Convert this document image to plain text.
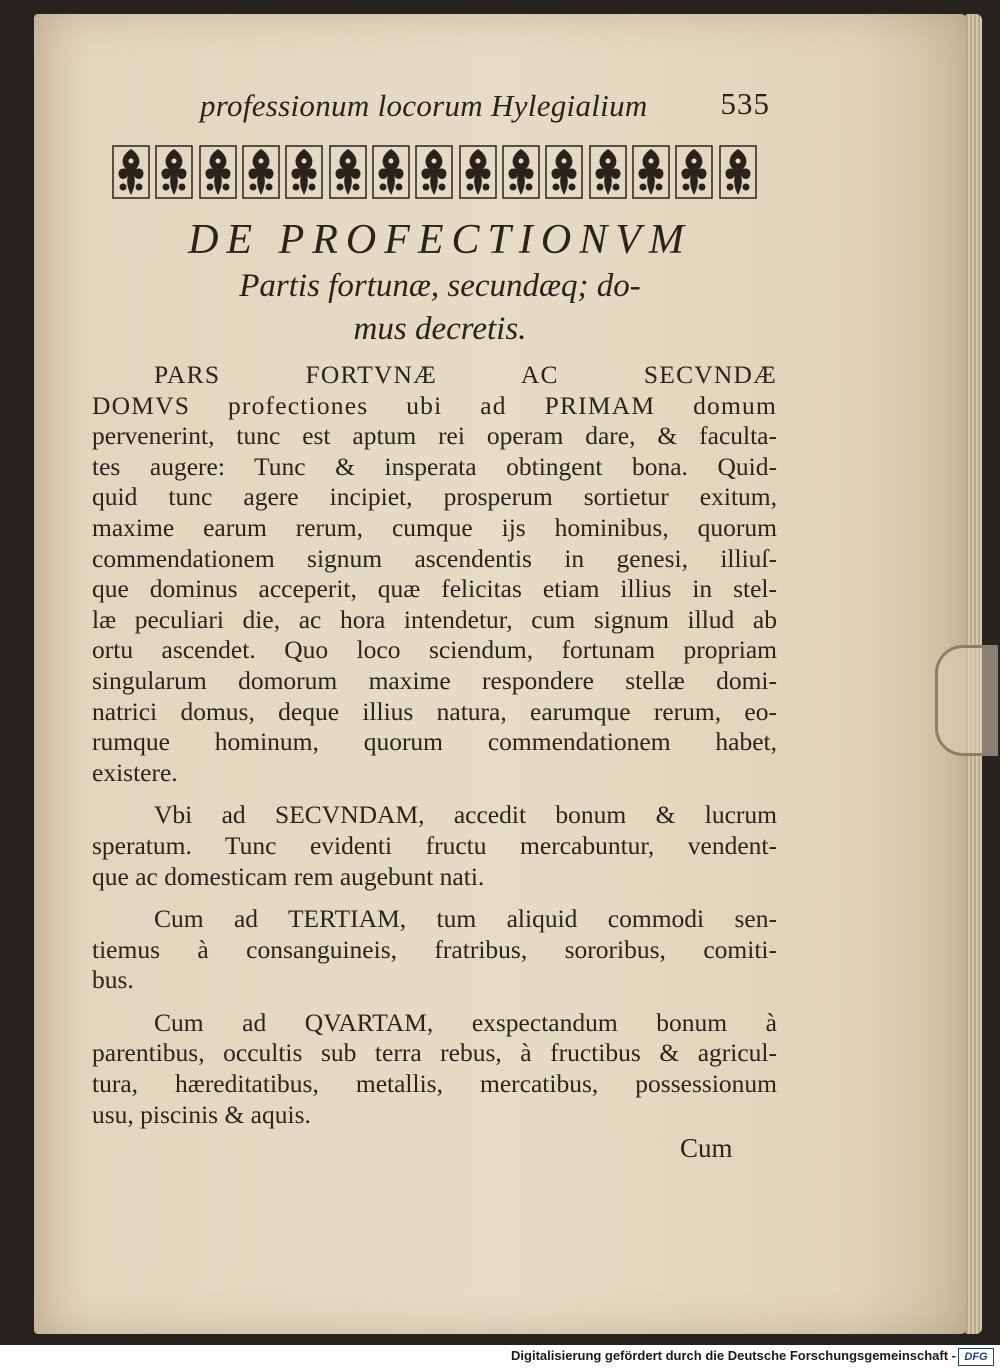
professionum locorum Hylegialium 535
DE PROFECTIONVM
Partis fortunæ, secundæq; do-
mus decretis.
PARS FORTVNÆ AC SECVNDÆ
DOMVS profectiones ubi ad PRIMAM domum
pervenerint, tunc est aptum rei operam dare, & faculta-
tes augere: Tunc & insperata obtingent bona. Quid-
quid tunc agere incipiet, prosperum sortietur exitum,
maxime earum rerum, cumque ijs hominibus, quorum
commendationem signum ascendentis in genesi, illiuſ-
que dominus acceperit, quæ felicitas etiam illius in stel-
læ peculiari die, ac hora intendetur, cum signum illud ab
ortu ascendet. Quo loco sciendum, fortunam propriam
singularum domorum maxime respondere stellæ domi-
natrici domus, deque illius natura, earumque rerum, eo-
rumque hominum, quorum commendationem habet,
existere.
Vbi ad SECVNDAM, accedit bonum & lucrum
speratum. Tunc evidenti fructu mercabuntur, vendent-
que ac domesticam rem augebunt nati.
Cum ad TERTIAM, tum aliquid commodi sen-
tiemus à consanguineis, fratribus, sororibus, comiti-
bus.
Cum ad QVARTAM, exspectandum bonum à
parentibus, occultis sub terra rebus, à fructibus & agricul-
tura, hæreditatibus, metallis, mercatibus, possessionum
usu, piscinis & aquis.
Cum
Digitalisierung gefördert durch die Deutsche Forschungsgemeinschaft - DFG
